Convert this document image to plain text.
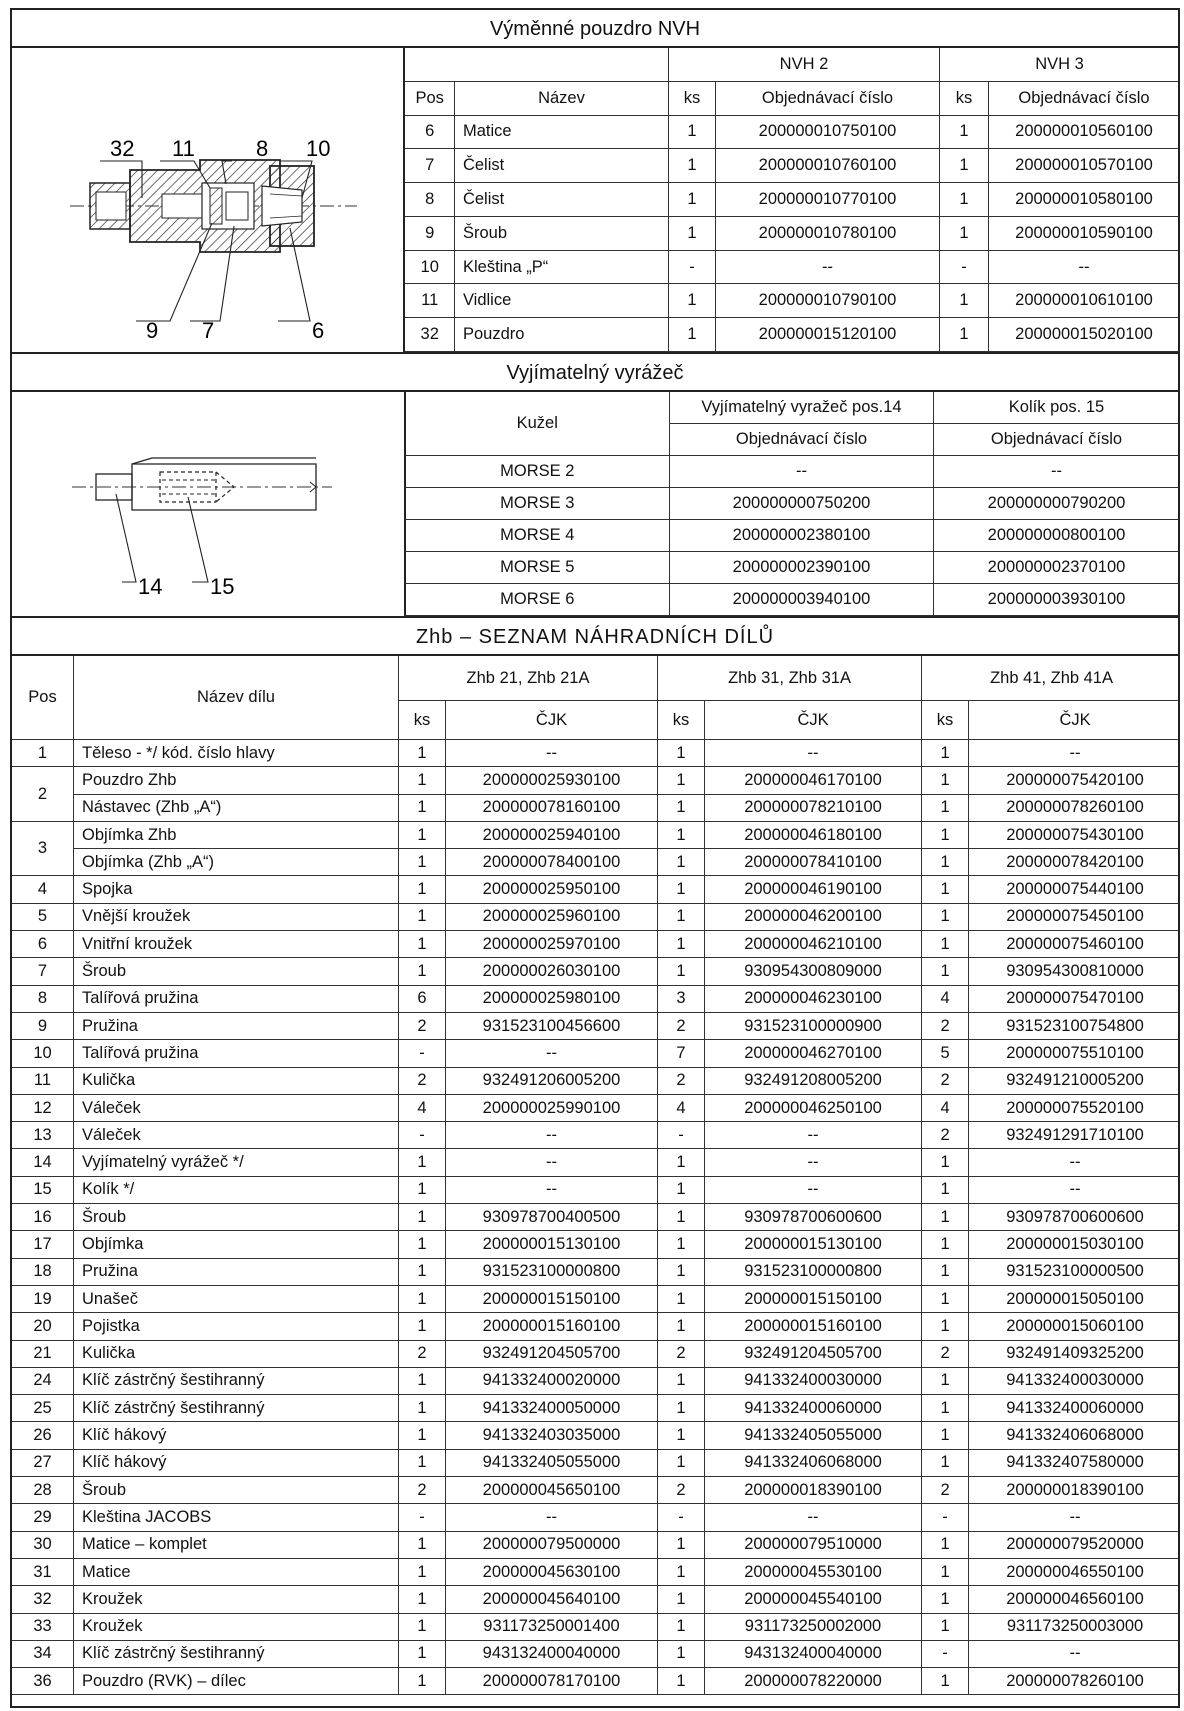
Výměnné pouzdro NVH
32 11	8 10
9 7	6
		NVH 2		NVH 3	
Pos	Název	ks	Objednávací číslo	ks	Objednávací číslo
6	Matice	1	200000010750100	1	200000010560100
7	Čelist	1	200000010760100	1	200000010570100
8	Čelist	1	200000010770100	1	200000010580100
9	Šroub	1	200000010780100	1	200000010590100
10	Kleština „P“	-	--	-	--
11	Vidlice	1	200000010790100	1	200000010610100
32	Pouzdro	1	200000015120100	1	200000015020100
Vyjímatelný vyrážeč
14 15
Kužel	Vyjímatelný vyražeč pos.14	Kolík pos. 15
	Objednávací číslo	Objednávací číslo
MORSE 2	--	--
MORSE 3	200000000750200	200000000790200
MORSE 4	200000002380100	200000000800100
MORSE 5	200000002390100	200000002370100
MORSE 6	200000003940100	200000003930100
Zhb – SEZNAM NÁHRADNÍCH DÍLŮ
Pos	Název dílu	Zhb 21, Zhb 21A		Zhb 31, Zhb 31A		Zhb 41, Zhb 41A	
		ks	ČJK	ks	ČJK	ks	ČJK
1	Těleso - */ kód. číslo hlavy	1	--	1	--	1	--
2	Pouzdro Zhb	1	200000025930100	1	200000046170100	1	200000075420100
	Nástavec (Zhb „A“)	1	200000078160100	1	200000078210100	1	200000078260100
3	Objímka Zhb	1	200000025940100	1	200000046180100	1	200000075430100
	Objímka (Zhb „A“)	1	200000078400100	1	200000078410100	1	200000078420100
4	Spojka	1	200000025950100	1	200000046190100	1	200000075440100
5	Vnější kroužek	1	200000025960100	1	200000046200100	1	200000075450100
6	Vnitřní kroužek	1	200000025970100	1	200000046210100	1	200000075460100
7	Šroub	1	200000026030100	1	930954300809000	1	930954300810000
8	Talířová pružina	6	200000025980100	3	200000046230100	4	200000075470100
9	Pružina	2	931523100456600	2	931523100000900	2	931523100754800
10	Talířová pružina	-	--	7	200000046270100	5	200000075510100
11	Kulička	2	932491206005200	2	932491208005200	2	932491210005200
12	Váleček	4	200000025990100	4	200000046250100	4	200000075520100
13	Váleček	-	--	-	--	2	932491291710100
14	Vyjímatelný vyrážeč */	1	--	1	--	1	--
15	Kolík */	1	--	1	--	1	--
16	Šroub	1	930978700400500	1	930978700600600	1	930978700600600
17	Objímka	1	200000015130100	1	200000015130100	1	200000015030100
18	Pružina	1	931523100000800	1	931523100000800	1	931523100000500
19	Unašeč	1	200000015150100	1	200000015150100	1	200000015050100
20	Pojistka	1	200000015160100	1	200000015160100	1	200000015060100
21	Kulička	2	932491204505700	2	932491204505700	2	932491409325200
24	Klíč zástrčný šestihranný	1	941332400020000	1	941332400030000	1	941332400030000
25	Klíč zástrčný šestihranný	1	941332400050000	1	941332400060000	1	941332400060000
26	Klíč hákový	1	941332403035000	1	941332405055000	1	941332406068000
27	Klíč hákový	1	941332405055000	1	941332406068000	1	941332407580000
28	Šroub	2	200000045650100	2	200000018390100	2	200000018390100
29	Kleština JACOBS	-	--	-	--	-	--
30	Matice – komplet	1	200000079500000	1	200000079510000	1	200000079520000
31	Matice	1	200000045630100	1	200000045530100	1	200000046550100
32	Kroužek	1	200000045640100	1	200000045540100	1	200000046560100
33	Kroužek	1	931173250001400	1	931173250002000	1	931173250003000
34	Klíč zástrčný šestihranný	1	943132400040000	1	943132400040000	-	--
36	Pouzdro (RVK) – dílec	1	200000078170100	1	200000078220000	1	200000078260100
